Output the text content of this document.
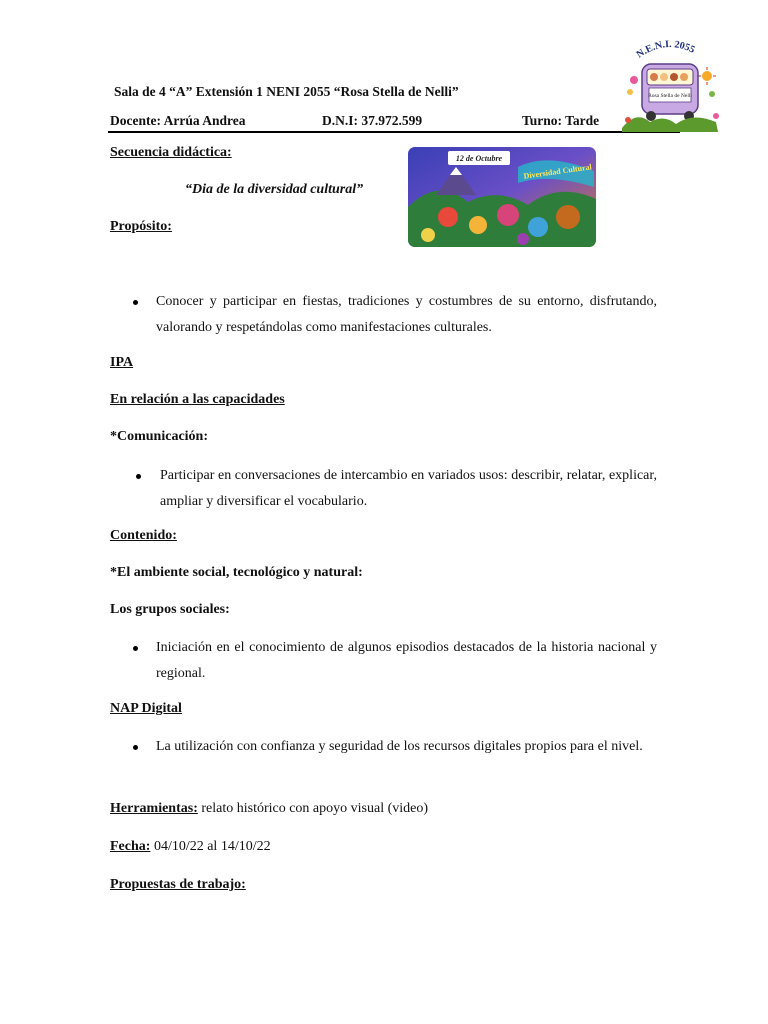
Sala de 4 “A” Extensión 1 NENI 2055 “Rosa Stella de Nelli”
Docente: Arrúa Andrea	D.N.I: 37.972.599	Turno: Tarde
N.E.N.I. 2055
Rosa Stella de Nelli
Secuencia didáctica:
“Dia de la diversidad cultural”
12 de Octubre
Diversidad Cultural
Propósito:
Conocer y participar en fiestas, tradiciones y costumbres de su entorno, disfrutando, valorando y respetándolas como manifestaciones culturales.
IPA
En relación a las capacidades
*Comunicación:
Participar en conversaciones de intercambio en variados usos: describir, relatar, explicar, ampliar y diversificar el vocabulario.
Contenido:
*El ambiente social, tecnológico y natural:
Los grupos sociales:
Iniciación en el conocimiento de algunos episodios destacados de la historia nacional y regional.
NAP Digital
La utilización con confianza y seguridad de los recursos digitales propios para el nivel.
Herramientas: relato histórico con apoyo visual (video)
Fecha: 04/10/22 al 14/10/22
Propuestas de trabajo:
